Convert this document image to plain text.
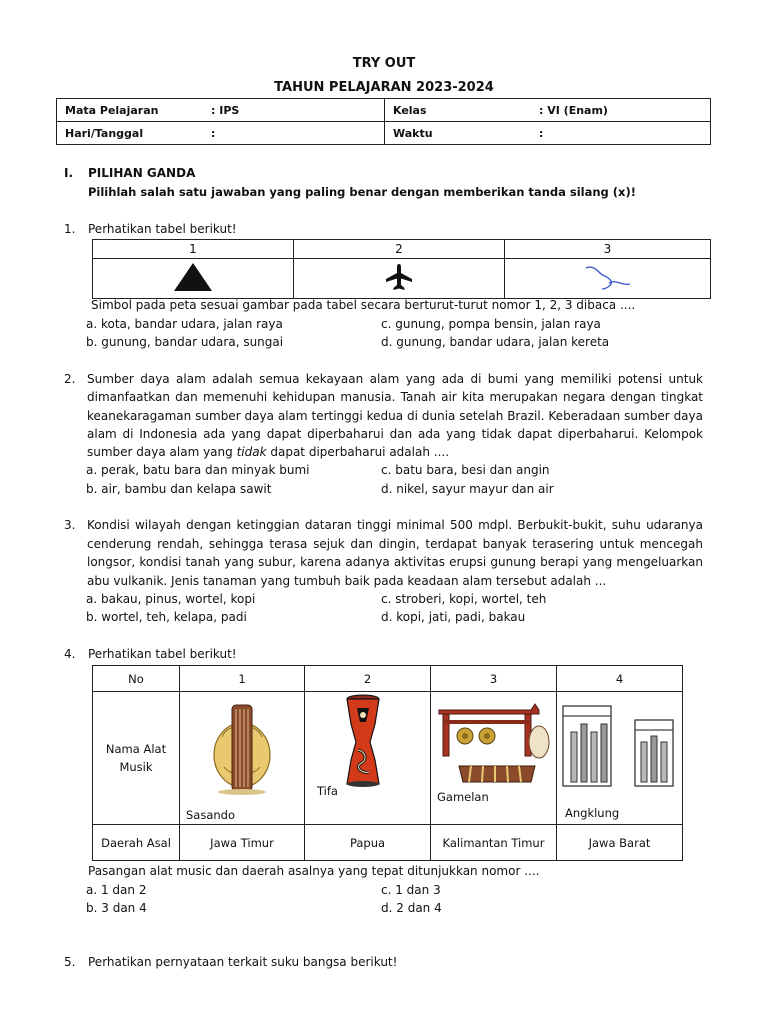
TRY OUT
TAHUN PELAJARAN 2023-2024
Mata Pelajaran	: IPS	Kelas	: VI (Enam)
Hari/Tanggal	:	Waktu	:
I. PILIHAN GANDA
Pilihlah salah satu jawaban yang paling benar dengan memberikan tanda silang (x)!
1. Perhatikan tabel berikut!
1	2	3

Simbol pada peta sesuai gambar pada tabel secara berturut-turut nomor 1, 2, 3 dibaca ....
a. kota, bandar udara, jalan raya
b. gunung, bandar udara, sungai
c. gunung, pompa bensin, jalan raya
d. gunung, bandar udara, jalan kereta
2. Sumber daya alam adalah semua kekayaan alam yang ada di bumi yang memiliki potensi untuk
dimanfaatkan dan memenuhi kehidupan manusia. Tanah air kita merupakan negara dengan tingkat
keanekaragaman sumber daya alam tertinggi kedua di dunia setelah Brazil. Keberadaan sumber daya
alam di Indonesia ada yang dapat diperbaharui dan ada yang tidak dapat diperbaharui. Kelompok
sumber daya alam yang tidak dapat diperbaharui adalah ....
a. perak, batu bara dan minyak bumi
b. air, bambu dan kelapa sawit
c. batu bara, besi dan angin
d. nikel, sayur mayur dan air
3. Kondisi wilayah dengan ketinggian dataran tinggi minimal 500 mdpl. Berbukit-bukit, suhu udaranya
cenderung rendah, sehingga terasa sejuk dan dingin, terdapat banyak terasering untuk mencegah
longsor, kondisi tanah yang subur, karena adanya aktivitas erupsi gunung berapi yang mengeluarkan
abu vulkanik. Jenis tanaman yang tumbuh baik pada keadaan alam tersebut adalah ...
a. bakau, pinus, wortel, kopi
b. wortel, teh, kelapa, padi
c. stroberi, kopi, wortel, teh
d. kopi, jati, padi, bakau
4. Perhatikan tabel berikut!
No	1	2	3	4
Nama Alat Musik	Sasando	Tifa	Gamelan	Angklung

Daerah Asal	Jawa Timur	Papua	Kalimantan Timur	Jawa Barat
Pasangan alat music dan daerah asalnya yang tepat ditunjukkan nomor ....
a. 1 dan 2
b. 3 dan 4
c. 1 dan 3
d. 2 dan 4
5. Perhatikan pernyataan terkait suku bangsa berikut!
